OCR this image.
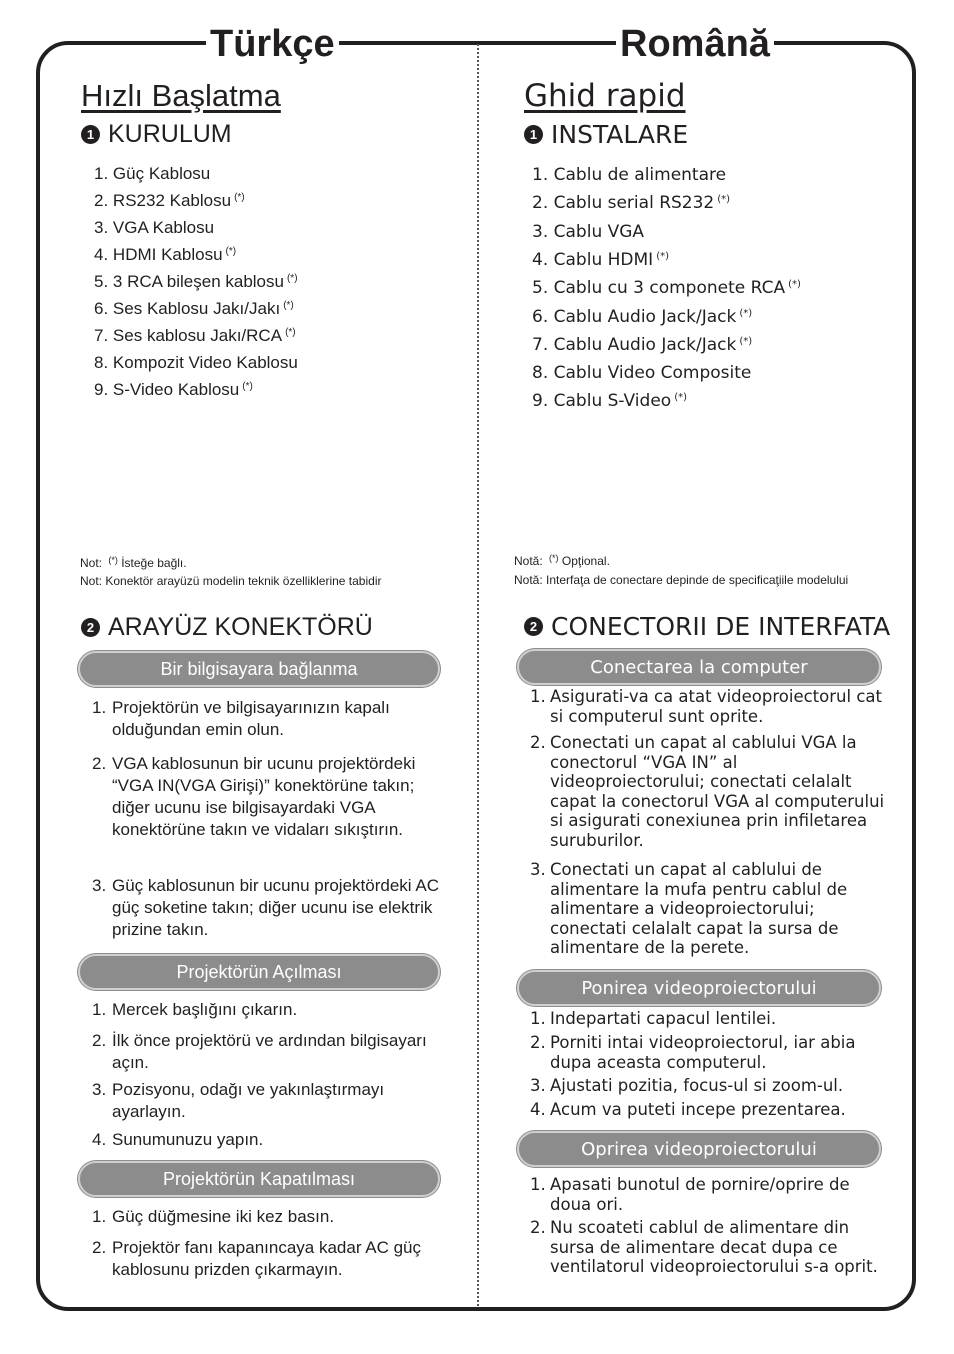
Türkçe	Română
Hızlı Başlatma
1 KURULUM
1. Güç Kablosu
2. RS232 Kablosu (*)
3. VGA Kablosu
4. HDMI Kablosu (*)
5. 3 RCA bileşen kablosu (*)
6. Ses Kablosu Jakı/Jakı (*)
7. Ses kablosu Jakı/RCA (*)
8. Kompozit Video Kablosu
9. S-Video Kablosu (*)
Not: (*) İsteğe bağlı.
Not: Konektör arayüzü modelin teknik özelliklerine tabidir
2 ARAYÜZ KONEKTÖRÜ
Bir bilgisayara bağlanma
1. Projektörün ve bilgisayarınızın kapalı olduğundan emin olun.
2. VGA kablosunun bir ucunu projektördeki “VGA IN(VGA Girişi)” konektörüne takın; diğer ucunu ise bilgisayardaki VGA konektörüne takın ve vidaları sıkıştırın.
3. Güç kablosunun bir ucunu projektördeki AC güç soketine takın; diğer ucunu ise elektrik prizine takın.
Projektörün Açılması
1. Mercek başlığını çıkarın.
2. İlk önce projektörü ve ardından bilgisayarı açın.
3. Pozisyonu, odağı ve yakınlaştırmayı ayarlayın.
4. Sunumunuzu yapın.
Projektörün Kapatılması
1. Güç düğmesine iki kez basın.
2. Projektör fanı kapanıncaya kadar AC güç kablosunu prizden çıkarmayın.
Ghid rapid
1 INSTALARE
1. Cablu de alimentare
2. Cablu serial RS232 (*)
3. Cablu VGA
4. Cablu HDMI (*)
5. Cablu cu 3 componete RCA (*)
6. Cablu Audio Jack/Jack (*)
7. Cablu Audio Jack/Jack (*)
8. Cablu Video Composite
9. Cablu S-Video (*)
Notă: (*) Opţional.
Notă: Interfaţa de conectare depinde de specificaţiile modelului
2 CONECTORII DE INTERFATA
Conectarea la computer
1. Asigurati-va ca atat videoproiectorul cat si computerul sunt oprite.
2. Conectati un capat al cablului VGA la conectorul “VGA IN” al videoproiectorului; conectati celalalt capat la conectorul VGA al computerului si asigurati conexiunea prin infiletarea suruburilor.
3. Conectati un capat al cablului de alimentare la mufa pentru cablul de alimentare a videoproiectorului; conectati celalalt capat la sursa de alimentare de la perete.
Ponirea videoproiectorului
1. Indepartati capacul lentilei.
2. Porniti intai videoproiectorul, iar abia dupa aceasta computerul.
3. Ajustati pozitia, focus-ul si zoom-ul.
4. Acum va puteti incepe prezentarea.
Oprirea videoproiectorului
1. Apasati bunotul de pornire/oprire de doua ori.
2. Nu scoateti cablul de alimentare din sursa de alimentare decat dupa ce ventilatorul videoproiectorului s-a oprit.
